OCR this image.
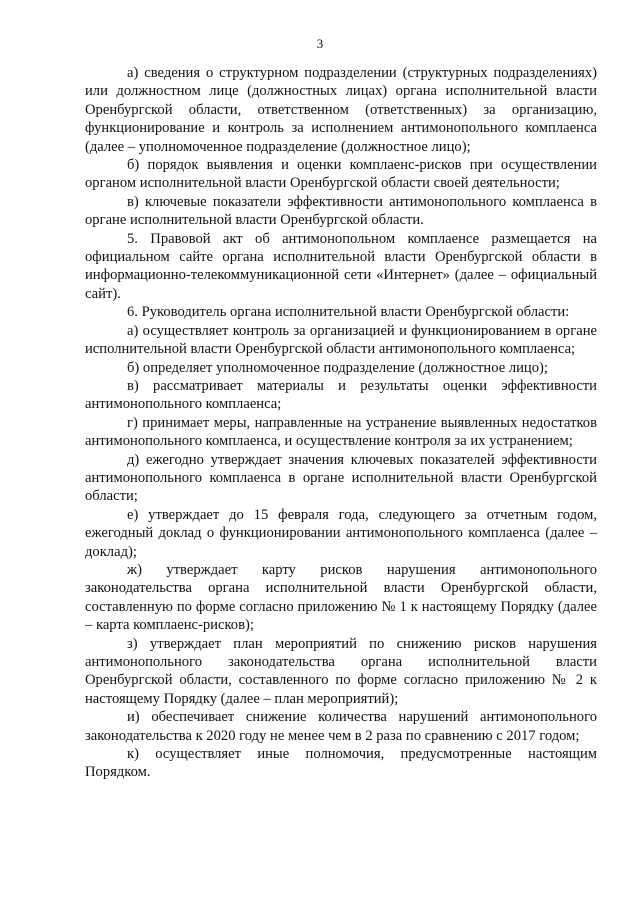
3

а) сведения о структурном подразделении (структурных подразделениях) или должностном лице (должностных лицах) органа исполнительной власти Оренбургской области, ответственном (ответственных) за организацию, функционирование и контроль за исполнением антимонопольного комплаенса (далее – уполномоченное подразделение (должностное лицо);

б) порядок выявления и оценки комплаенс-рисков при осуществлении органом исполнительной власти Оренбургской области своей деятельности;

в) ключевые показатели эффективности антимонопольного комплаенса в органе исполнительной власти Оренбургской области.

5. Правовой акт об антимонопольном комплаенсе размещается на официальном сайте органа исполнительной власти Оренбургской области в информационно-телекоммуникационной сети «Интернет» (далее – официальный сайт).

6. Руководитель органа исполнительной власти Оренбургской области:

а) осуществляет контроль за организацией и функционированием в органе исполнительной власти Оренбургской области антимонопольного комплаенса;

б) определяет уполномоченное подразделение (должностное лицо);

в) рассматривает материалы и результаты оценки эффективности антимонопольного комплаенса;

г) принимает меры, направленные на устранение выявленных недостатков антимонопольного комплаенса, и осуществление контроля за их устранением;

д) ежегодно утверждает значения ключевых показателей эффективности антимонопольного комплаенса в органе исполнительной власти Оренбургской области;

е) утверждает до 15 февраля года, следующего за отчетным годом, ежегодный доклад о функционировании антимонопольного комплаенса (далее – доклад);

ж) утверждает карту рисков нарушения антимонопольного законодательства органа исполнительной власти Оренбургской области, составленную по форме согласно приложению № 1 к настоящему Порядку (далее – карта комплаенс-рисков);

з) утверждает план мероприятий по снижению рисков нарушения антимонопольного законодательства органа исполнительной власти Оренбургской области, составленного по форме согласно приложению № 2 к настоящему Порядку (далее – план мероприятий);

и) обеспечивает снижение количества нарушений антимонопольного законодательства к 2020 году не менее чем в 2 раза по сравнению с 2017 годом;

к) осуществляет иные полномочия, предусмотренные настоящим Порядком.
